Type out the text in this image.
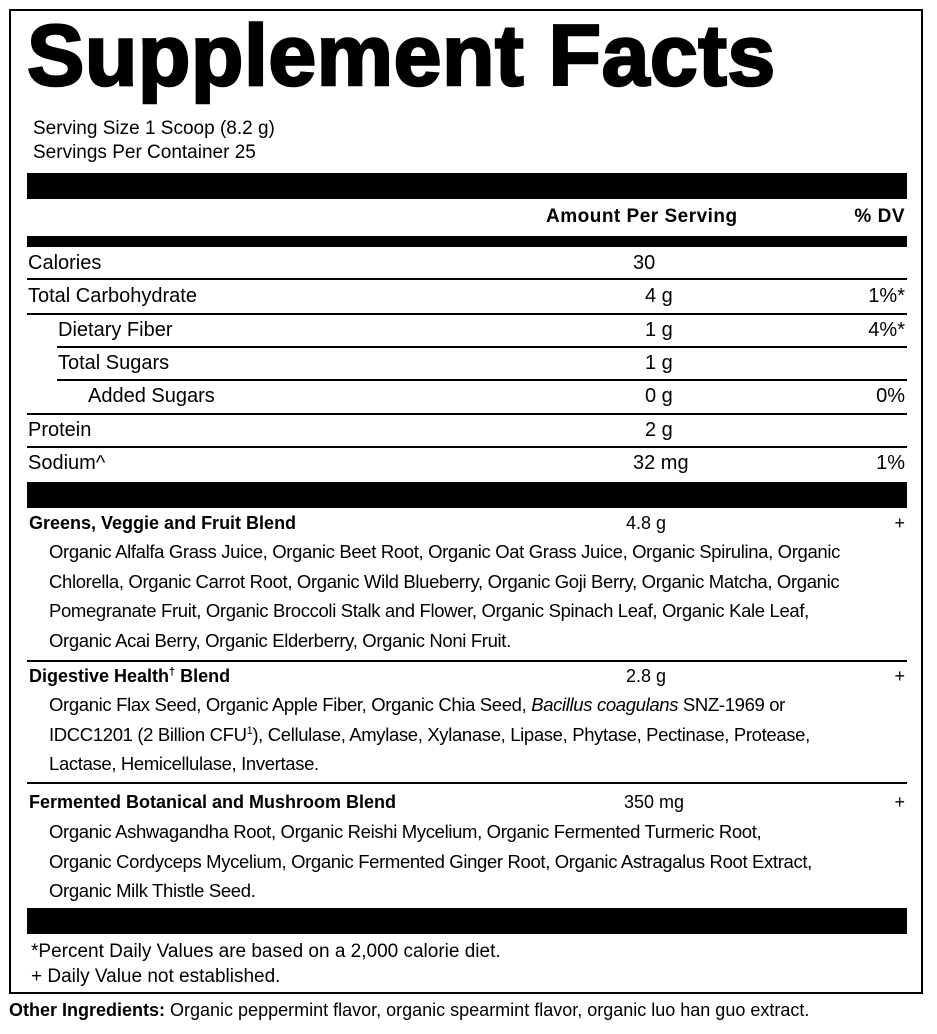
Supplement Facts
Serving Size 1 Scoop (8.2 g)
Servings Per Container 25
Amount Per Serving	% DV
Calories	30
Total Carbohydrate	4 g	1%*
Dietary Fiber	1 g	4%*
Total Sugars	1 g
Added Sugars	0 g	0%
Protein	2 g
Sodium^	32 mg	1%
Greens, Veggie and Fruit Blend	4.8 g	+
Organic Alfalfa Grass Juice, Organic Beet Root, Organic Oat Grass Juice, Organic Spirulina, Organic
Chlorella, Organic Carrot Root, Organic Wild Blueberry, Organic Goji Berry, Organic Matcha, Organic
Pomegranate Fruit, Organic Broccoli Stalk and Flower, Organic Spinach Leaf, Organic Kale Leaf,
Organic Acai Berry, Organic Elderberry, Organic Noni Fruit.
Digestive Health† Blend	2.8 g	+
Organic Flax Seed, Organic Apple Fiber, Organic Chia Seed, Bacillus coagulans SNZ-1969 or
IDCC1201 (2 Billion CFU$^1$), Cellulase, Amylase, Xylanase, Lipase, Phytase, Pectinase, Protease,
Lactase, Hemicellulase, Invertase.
Fermented Botanical and Mushroom Blend	350 mg	+
Organic Ashwagandha Root, Organic Reishi Mycelium, Organic Fermented Turmeric Root,
Organic Cordyceps Mycelium, Organic Fermented Ginger Root, Organic Astragalus Root Extract,
Organic Milk Thistle Seed.
*Percent Daily Values are based on a 2,000 calorie diet.
+ Daily Value not established.
Other Ingredients: Organic peppermint flavor, organic spearmint flavor, organic luo han guo extract.
